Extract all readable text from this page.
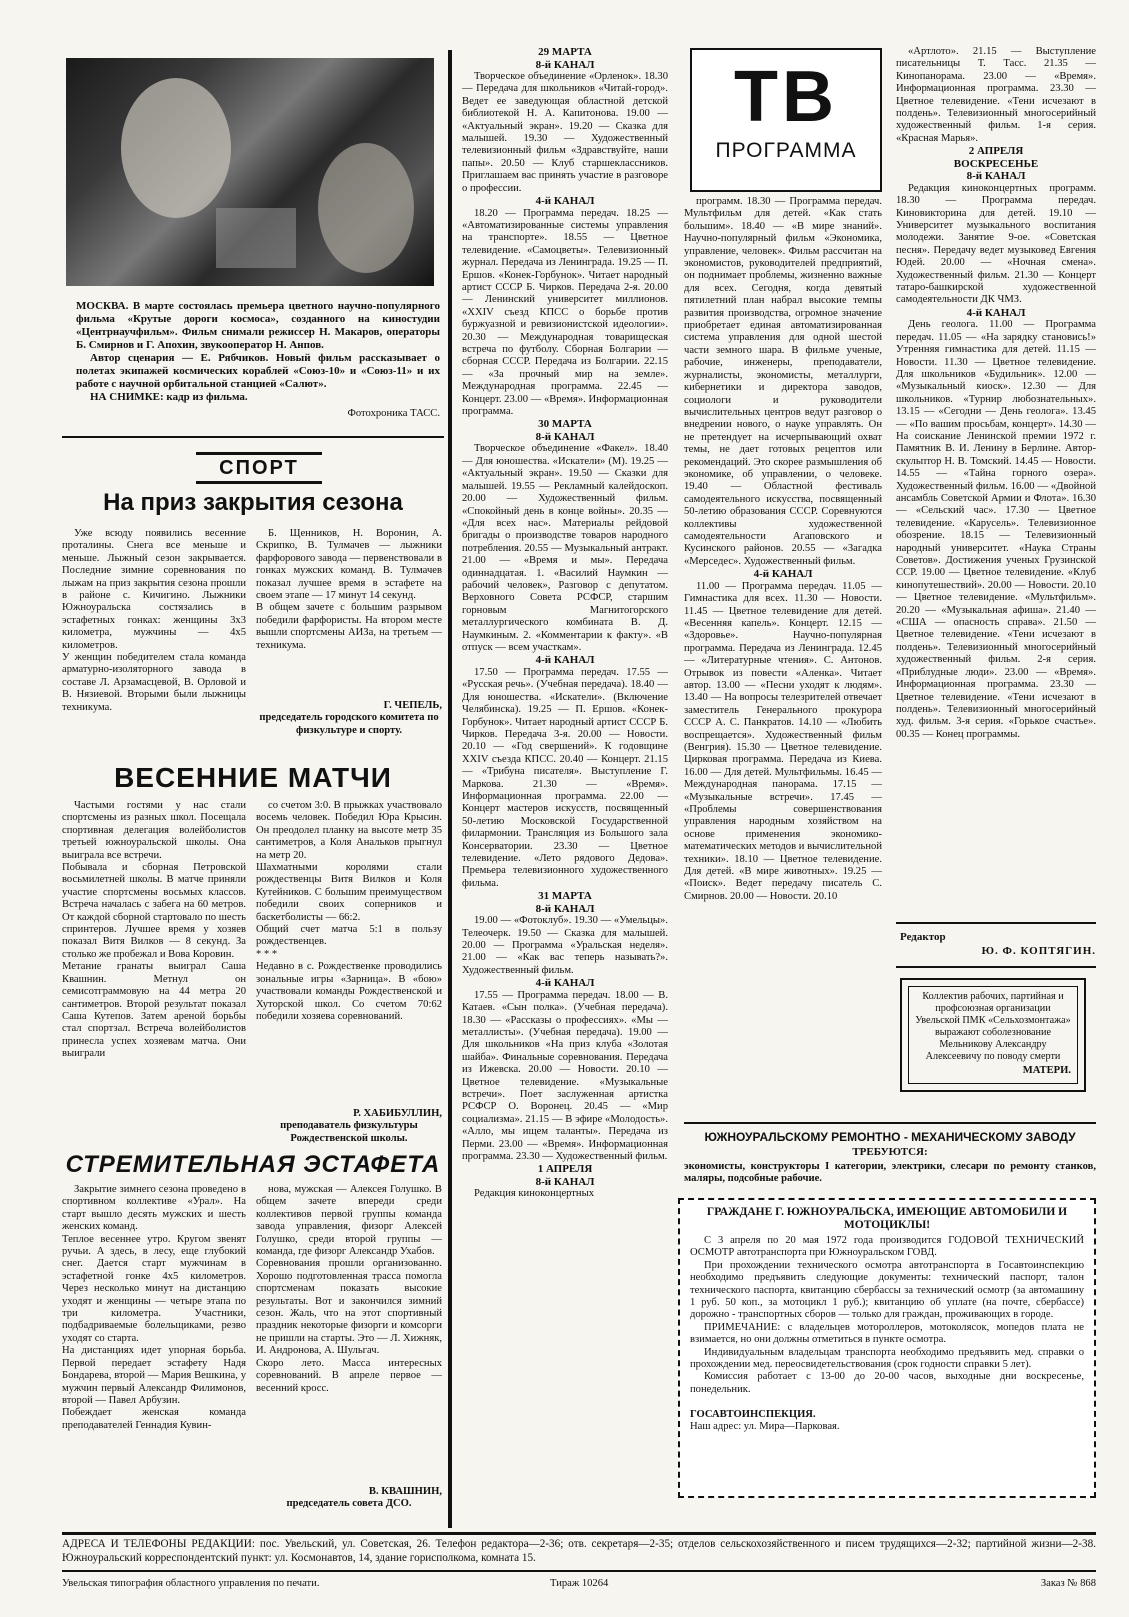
МОСКВА. В марте состоялась премьера цветного научно-популярного фильма «Крутые дороги космоса», созданного на киностудии «Центрнаучфильм». Фильм снимали режиссер Н. Макаров, операторы Б. Смирнов и Г. Апохин, звукооператор Н. Анпов.

Автор сценария — Е. Рябчиков. Новый фильм рассказывает о полетах экипажей космических кораблей «Союз-10» и «Союз-11» и их работе с научной орбитальной станцией «Салют».

НА СНИМКЕ: кадр из фильма.

Фотохроника ТАСС.

СПОРТ
На приз закрытия сезона
Уже всюду появились весенние проталины. Снега все меньше и меньше. Лыжный сезон закрывается. Последние зимние соревнования по лыжам на приз закрытия сезона прошли в районе с. Кичигино. Лыжники Южноуральска состязались в эстафетных гонках: женщины 3х3 километра, мужчины — 4х5 километров.
У женщин победителем стала команда арматурно-изоляторного завода в составе Л. Арзамасцевой, В. Орловой и В. Нязиевой. Вторыми были лыжницы техникума.
Б. Щенников, Н. Воронин, А. Скрипко, В. Тулмачев — лыжники фарфорового завода — первенствовали в гонках мужских команд. В. Тулмачев показал лучшее время в эстафете на своем этапе — 17 минут 14 секунд.
В общем зачете с большим разрывом победили фарфористы. На втором месте вышли спортсмены АИЗа, на третьем — техникума.

Г. ЧЕПЕЛЬ,

председатель городского комитета по физкультуре и спорту.

ВЕСЕННИЕ МАТЧИ
Частыми гостями у нас стали спортсмены из разных школ. Посещала спортивная делегация волейболистов третьей южноуральской школы. Она выиграла все встречи.
Побывала и сборная Петровской восьмилетней школы. В матче приняли участие спортсмены восьмых классов. Встреча началась с забега на 60 метров. От каждой сборной стартовало по шесть спринтеров. Лучшее время у хозяев показал Витя Вилков — 8 секунд. За столько же пробежал и Вова Коровин.
Метание гранаты выиграл Саша Квашнин. Метнул он семисотграммовую на 44 метра 20 сантиметров. Второй результат показал Саша Кутепов. Затем ареной борьбы стал спортзал. Встреча волейболистов принесла успех хозяевам матча. Они выиграли
со счетом 3:0. В прыжках участвовало восемь человек. Победил Юра Крысин. Он преодолел планку на высоте метр 35 сантиметров, а Коля Анальков прыгнул на метр 20.
Шахматными королями стали рождественцы Витя Вилков и Коля Кутейников. С большим преимуществом победили своих соперников и баскетболисты — 66:2.
Общий счет матча 5:1 в пользу рождественцев.
* * *
Недавно в с. Рождественке проводились зональные игры «Зарница». В «бою» участвовали команды Рождественской и Хуторской школ. Со счетом 70:62 победили хозяева соревнований.

Р. ХАБИБУЛЛИН,

преподаватель физкультуры Рождественской школы.

СТРЕМИТЕЛЬНАЯ ЭСТАФЕТА
Закрытие зимнего сезона проведено в спортивном коллективе «Урал». На старт вышло десять мужских и шесть женских команд.
Теплое весеннее утро. Кругом звенят ручьи. А здесь, в лесу, еще глубокий снег. Дается старт мужчинам в эстафетной гонке 4х5 километров. Через несколько минут на дистанцию уходят и женщины — четыре этапа по три километра. Участники, подбадриваемые болельщиками, резво уходят со старта.
На дистанциях идет упорная борьба. Первой передает эстафету Надя Бондарева, второй — Мария Вешкина, у мужчин первый Александр Филимонов, второй — Павел Арбузин.
Побеждает женская команда преподавателей Геннадия Кувин-
нова, мужская — Алексея Голушко. В общем зачете впереди среди коллективов первой группы команда завода управления, физорг Алексей Голушко, среди второй группы — команда, где физорг Александр Ухабов.
Соревнования прошли организованно. Хорошо подготовленная трасса помогла спортсменам показать высокие результаты. Вот и закончился зимний сезон. Жаль, что на этот спортивный праздник некоторые физорги и комсорги не пришли на старты. Это — Л. Хижняк, И. Андронова, А. Шульгач.
Скоро лето. Масса интересных соревнований. В апреле первое — весенний кросс.

В. КВАШНИН,

председатель совета ДСО.

29 МАРТА

8-й КАНАЛ

Творческое объединение «Орленок». 18.30 — Передача для школьников «Читай-город». Ведет ее заведующая областной детской библиотекой Н. А. Капитонова. 19.00 — «Актуальный экран». 19.20 — Сказка для малышей. 19.30 — Художественный телевизионный фильм «Здравствуйте, наши папы». 20.50 — Клуб старшеклассников. Приглашаем вас принять участие в разговоре о профессии.

4-й КАНАЛ

18.20 — Программа передач. 18.25 — «Автоматизированные системы управления на транспорте». 18.55 — Цветное телевидение. «Самоцветы». Телевизионный журнал. Передача из Ленинграда. 19.25 — П. Ершов. «Конек-Горбунок». Читает народный артист СССР Б. Чирков. Передача 2-я. 20.00 — Ленинский университет миллионов. «XXIV съезд КПСС о борьбе против буржуазной и ревизионистской идеологии». 20.30 — Международная товарищеская встреча по футболу. Сборная Болгарии — сборная СССР. Передача из Болгарии. 22.15 — «За прочный мир на земле». Международная программа. 22.45 — Концерт. 23.00 — «Время». Информационная программа.

30 МАРТА

8-й КАНАЛ

Творческое объединение «Факел». 18.40 — Для юношества. «Искатели» (М). 19.25 — «Актуальный экран». 19.50 — Сказки для малышей. 19.55 — Рекламный калейдоскоп. 20.00 — Художественный фильм. «Спокойный день в конце войны». 20.35 — «Для всех нас». Материалы рейдовой бригады о производстве товаров народного потребления. 20.55 — Музыкальный антракт. 21.00 — «Время и мы». Передача одиннадцатая. 1. «Василий Наумкин — рабочий человек», Разговор с депутатом. Верховного Совета РСФСР, старшим горновым Магнитогорского металлургического комбината В. Д. Наумкиным. 2. «Комментарии к факту». «В отпуск — всем участкам».

4-й КАНАЛ

17.50 — Программа передач. 17.55 — «Русская речь». (Учебная передача). 18.40 — Для юношества. «Искатели». (Включение Челябинска). 19.25 — П. Ершов. «Конек-Горбунок». Читает народный артист СССР Б. Чирков. Передача 3-я. 20.00 — Новости. 20.10 — «Год свершений». К годовщине XXIV съезда КПСС. 20.40 — Концерт. 21.15 — «Трибуна писателя». Выступление Г. Маркова. 21.30 — «Время». Информационная программа. 22.00 — Концерт мастеров искусств, посвященный 50-летию Московской Государственной филармонии. Трансляция из Большого зала Консерватории. 23.30 — Цветное телевидение. «Лето рядового Дедова». Премьера телевизионного художественного фильма.

31 МАРТА

8-й КАНАЛ

19.00 — «Фотоклуб». 19.30 — «Умельцы». Телеочерк. 19.50 — Сказка для малышей. 20.00 — Программа «Уральская неделя». 21.00 — «Как вас теперь называть?». Художественный фильм.

4-й КАНАЛ

17.55 — Программа передач. 18.00 — В. Катаев. «Сын полка». (Учебная передача). 18.30 — «Рассказы о профессиях». «Мы — металлисты». (Учебная передача). 19.00 — Для школьников «На приз клуба «Золотая шайба». Финальные соревнования. Передача из Ижевска. 20.00 — Новости. 20.10 — Цветное телевидение. «Музыкальные встречи». Поет заслуженная артистка РСФСР О. Воронец. 20.45 — «Мир социализма». 21.15 — В эфире «Молодость». «Алло, мы ищем таланты». Передача из Перми. 23.00 — «Время». Информационная программа. 23.30 — Художественный фильм.

1 АПРЕЛЯ

8-й КАНАЛ

Редакция киноконцертных

ТВ
ПРОГРАММА

программ. 18.30 — Программа передач. Мультфильм для детей. «Как стать большим». 18.40 — «В мире знаний». Научно-популярный фильм «Экономика, управление, человек». Фильм рассчитан на экономистов, руководителей предприятий, он поднимает проблемы, жизненно важные для всех. Сегодня, когда девятый пятилетний план набрал высокие темпы развития производства, огромное значение приобретает единая автоматизированная система управления для одной шестой части земного шара. В фильме ученые, рабочие, инженеры, преподаватели, журналисты, экономисты, металлурги, кибернетики и директора заводов, социологи и руководители вычислительных центров ведут разговор о внедрении нового, о науке управлять. Он не претендует на исчерпывающий охват темы, не дает готовых рецептов или рекомендаций. Это скорее размышления об экономике, об управлении, о человеке. 19.40 — Областной фестиваль самодеятельного искусства, посвященный 50-летию образования СССР. Соревнуются коллективы художественной самодеятельности Агаповского и Кусинского районов. 20.55 — «Загадка «Мерседес». Художественный фильм.

4-й КАНАЛ

11.00 — Программа передач. 11.05 — Гимнастика для всех. 11.30 — Новости. 11.45 — Цветное телевидение для детей. «Весенняя капель». Концерт. 12.15 — «Здоровье». Научно-популярная программа. Передача из Ленинграда. 12.45 — «Литературные чтения». С. Антонов. Отрывок из повести «Аленка». Читает автор. 13.00 — «Песни уходят к людям». 13.40 — На вопросы телезрителей отвечает заместитель Генерального прокурора СССР А. С. Панкратов. 14.10 — «Любить воспрещается». Художественный фильм (Венгрия). 15.30 — Цветное телевидение. Цирковая программа. Передача из Киева. 16.00 — Для детей. Мультфильмы. 16.45 — Международная панорама. 17.15 — «Музыкальные встречи». 17.45 — «Проблемы совершенствования управления народным хозяйством на основе применения экономико-математических методов и вычислительной техники». 18.10 — Цветное телевидение. Для детей. «В мире животных». 19.25 — «Поиск». Ведет передачу писатель С. Смирнов. 20.00 — Новости. 20.10

«Артлото». 21.15 — Выступление писательницы Т. Тасс. 21.35 — Кинопанорама. 23.00 — «Время». Информационная программа. 23.30 — Цветное телевидение. «Тени исчезают в полдень». Телевизионный многосерийный художественный фильм. 1-я серия. «Красная Марья».

2 АПРЕЛЯ

ВОСКРЕСЕНЬЕ

8-й КАНАЛ

Редакция киноконцертных программ. 18.30 — Программа передач. Киновикторина для детей. 19.10 — Университет музыкального воспитания молодежи. Занятие 9-ое. «Советская песня». Передачу ведет музыковед Евгения Юдей. 20.00 — «Ночная смена». Художественный фильм. 21.30 — Концерт татаро-башкирской художественной самодеятельности ДК ЧМЗ.

4-й КАНАЛ

День геолога. 11.00 — Программа передач. 11.05 — «На зарядку становись!» Утренняя гимнастика для детей. 11.15 — Новости. 11.30 — Цветное телевидение. Для школьников «Будильник». 12.00 — «Музыкальный киоск». 12.30 — Для школьников. «Турнир любознательных». 13.15 — «Сегодни — День геолога». 13.45 — «По вашим просьбам, концерт». 14.30 — На соискание Ленинской премии 1972 г. Памятник В. И. Ленину в Берлине. Автор-скульптор Н. В. Томский. 14.45 — Новости. 14.55 — «Тайна горного озера». Художественный фильм. 16.00 — «Двойной ансамбль Советской Армии и Флота». 16.30 — «Сельский час». 17.30 — Цветное телевидение. «Карусель». Телевизионное обозрение. 18.15 — Телевизионный народный университет. «Наука Страны Советов». Достижения ученых Грузинской ССР. 19.00 — Цветное телевидение. «Клуб кинопутешествий». 20.00 — Новости. 20.10 — Цветное телевидение. «Мультфильм». 20.20 — «Музыкальная афиша». 21.40 — «США — опасность справа». 21.50 — Цветное телевидение. «Тени исчезают в полдень». Телевизионный многосерийный художественный фильм. 2-я серия. «Приблудные люди». 23.00 — «Время». Информационная программа. 23.30 — Цветное телевидение. «Тени исчезают в полдень». Телевизионный многосерийный худ. фильм. 3-я серия. «Горькое счастье». 00.35 — Конец программы.

Редактор
Ю. Ф. КОПТЯГИН.

Коллектив рабочих, партийная и профсоюзная организации Увельской ПМК «Сельхозмонтажа» выражают соболезнование Мельникову Александру Алексеевичу по поводу смерти

МАТЕРИ.

ЮЖНОУРАЛЬСКОМУ РЕМОНТНО - МЕХАНИЧЕСКОМУ ЗАВОДУ
ТРЕБУЮТСЯ:
экономисты, конструкторы I категории, электрики, слесари по ремонту станков, маляры, подсобные рабочие.

ГРАЖДАНЕ Г. ЮЖНОУРАЛЬСКА, ИМЕЮЩИЕ АВТОМОБИЛИ И МОТОЦИКЛЫ!

С 3 апреля по 20 мая 1972 года производится ГОДОВОЙ ТЕХНИЧЕСКИЙ ОСМОТР автотранспорта при Южноуральском ГОВД.

При прохождении технического осмотра автотранспорта в Госавтоинспекцию необходимо предъявить следующие документы: технический паспорт, талон технического паспорта, квитанцию сбербассы за технический осмотр (за автомашину 1 руб. 50 коп., за мотоцикл 1 руб.); квитанцию об уплате (на почте, сбербассе) дорожно - транспортных сборов — только для граждан, проживающих в городе.

ПРИМЕЧАНИЕ: с владельцев мотороллеров, мотоколясок, мопедов плата не взимается, но они должны отметиться в пункте осмотра.

Индивидуальным владельцам транспорта необходимо предъявить мед. справки о прохождении мед. переосвидетельствования (срок годности справки 5 лет).

Комиссия работает с 13-00 до 20-00 часов, выходные дни воскресенье, понедельник.

ГОСАВТОИНСПЕКЦИЯ.
Наш адрес: ул. Мира—Парковая.

АДРЕСА И ТЕЛЕФОНЫ РЕДАКЦИИ: пос. Увельский, ул. Советская, 26. Телефон редактора—2-36; отв. секретаря—2-35; отделов сельскохозяйственного и писем трудящихся—2-32; партийной жизни—2-38. Южноуральский корреспондентский пункт: ул. Космонавтов, 14, здание горисполкома, комната 15.
Увельская типография областного управления по печати.	Тираж 10264	Заказ № 868
